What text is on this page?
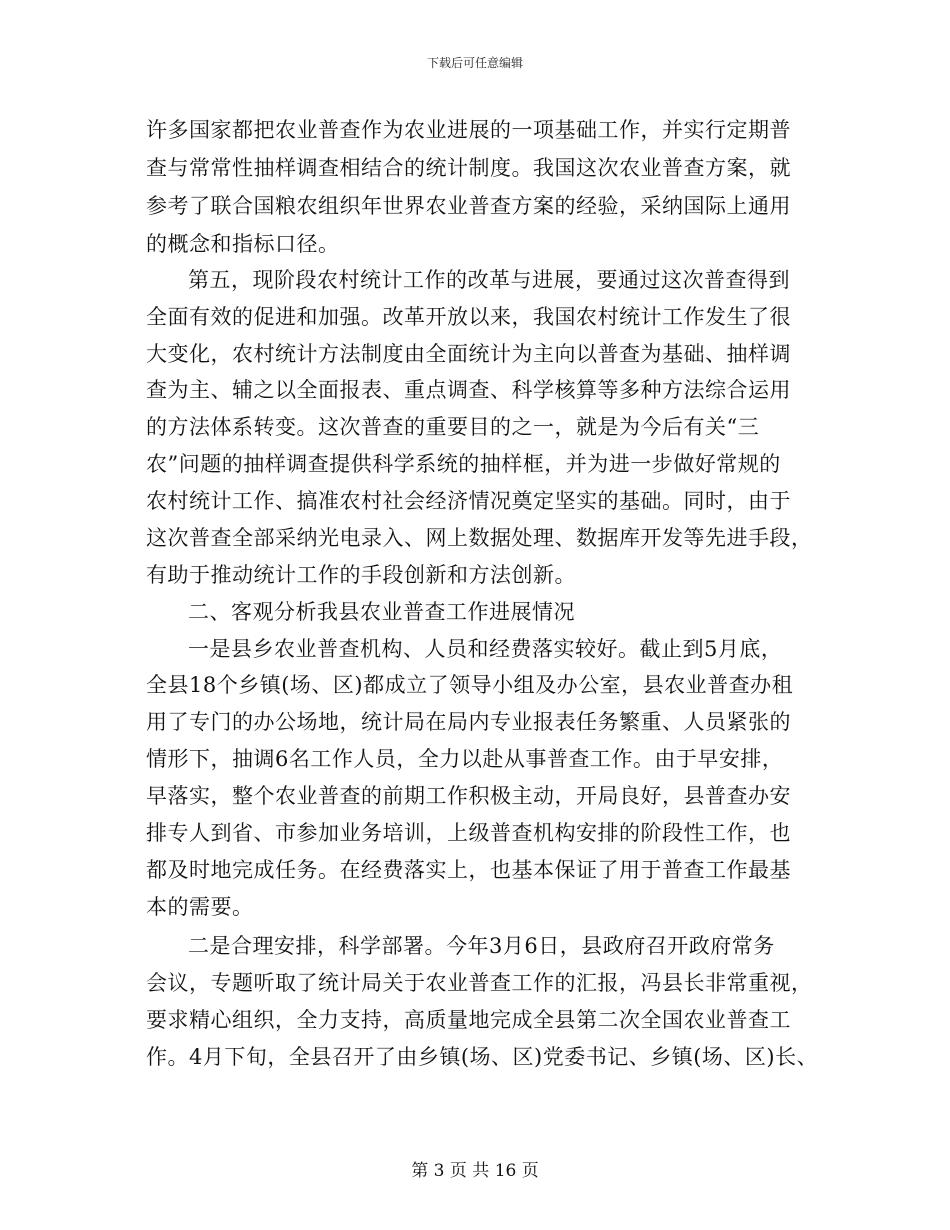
下载后可任意编辑
许多国家都把农业普查作为农业进展的一项基础工作，并实行定期普
查与常常性抽样调查相结合的统计制度。我国这次农业普查方案，就
参考了联合国粮农组织年世界农业普查方案的经验，采纳国际上通用
的概念和指标口径。
第五，现阶段农村统计工作的改革与进展，要通过这次普查得到
全面有效的促进和加强。改革开放以来，我国农村统计工作发生了很
大变化，农村统计方法制度由全面统计为主向以普查为基础、抽样调
查为主、辅之以全面报表、重点调查、科学核算等多种方法综合运用
的方法体系转变。这次普查的重要目的之一，就是为今后有关“三
农”问题的抽样调查提供科学系统的抽样框，并为进一步做好常规的
农村统计工作、搞准农村社会经济情况奠定坚实的基础。同时，由于
这次普查全部采纳光电录入、网上数据处理、数据库开发等先进手段，
有助于推动统计工作的手段创新和方法创新。
二、客观分析我县农业普查工作进展情况
一是县乡农业普查机构、人员和经费落实较好。截止到5月底，
全县18个乡镇(场、区)都成立了领导小组及办公室，县农业普查办租
用了专门的办公场地，统计局在局内专业报表任务繁重、人员紧张的
情形下，抽调6名工作人员，全力以赴从事普查工作。由于早安排，
早落实，整个农业普查的前期工作积极主动，开局良好，县普查办安
排专人到省、市参加业务培训，上级普查机构安排的阶段性工作，也
都及时地完成任务。在经费落实上，也基本保证了用于普查工作最基
本的需要。
二是合理安排，科学部署。今年3月6日，县政府召开政府常务
会议，专题听取了统计局关于农业普查工作的汇报，冯县长非常重视，
要求精心组织，全力支持，高质量地完成全县第二次全国农业普查工
作。4月下旬，全县召开了由乡镇(场、区)党委书记、乡镇(场、区)长、
第 3 页 共 16 页
